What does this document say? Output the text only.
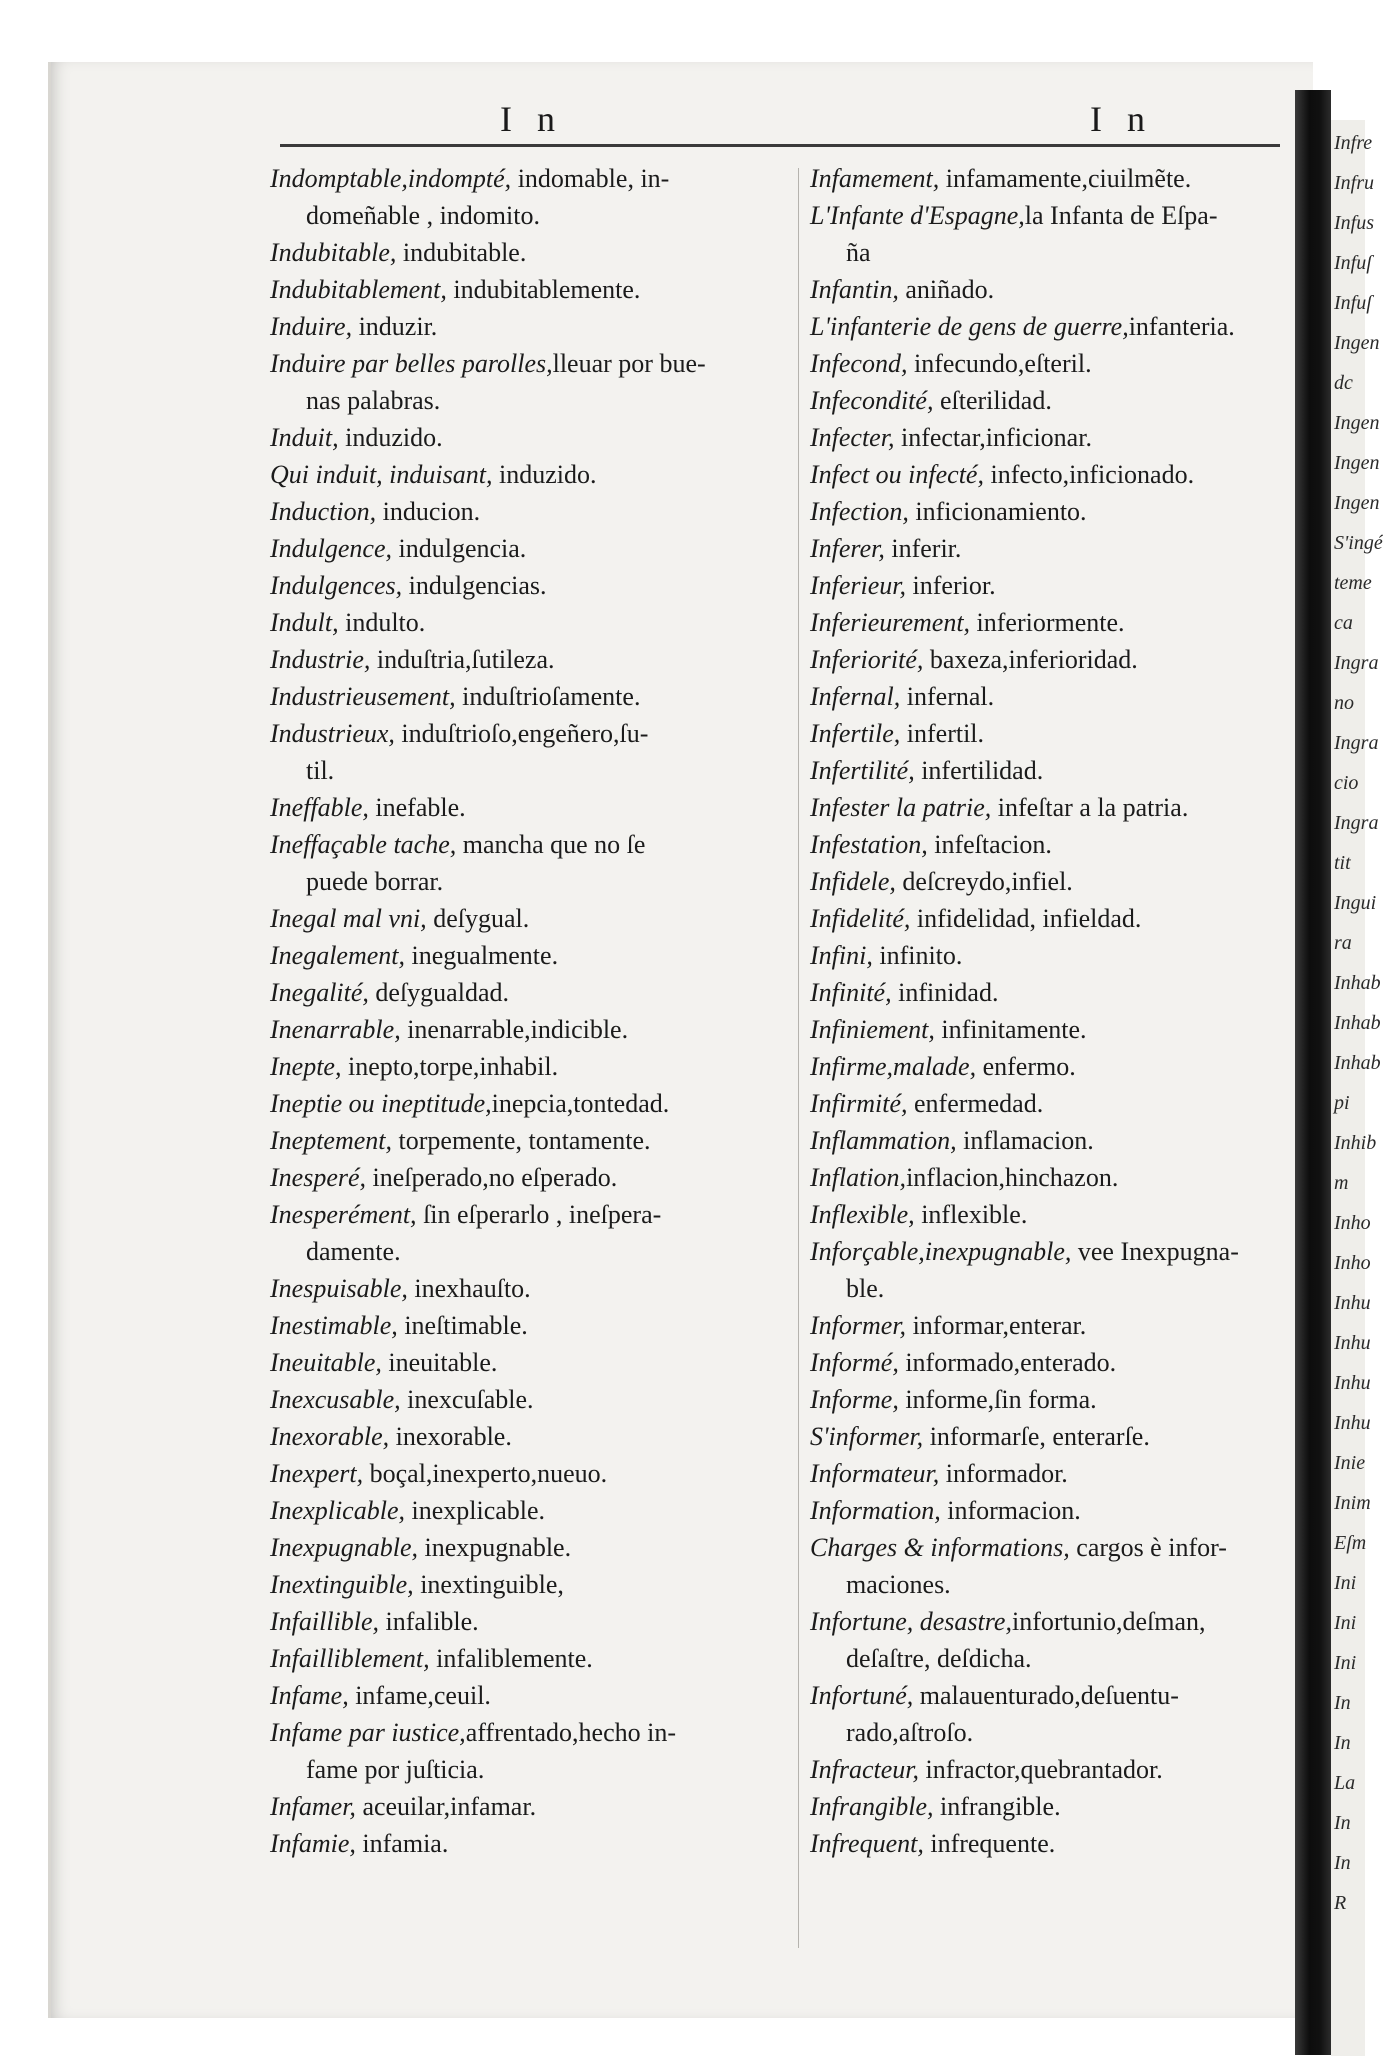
Infre
Infru
Infus
Infuſ
Infuſ
Ingen
dc
Ingen
Ingen
Ingen
S'ingé
teme
ca
Ingra
no
Ingra
cio
Ingra
tit
Ingui
ra
Inhab
Inhab
Inhab
pi
Inhib
m
Inho
Inho
Inhu
Inhu
Inhu
Inhu
Inie
Inim
Eſm
Ini
Ini
Ini
In
In
La
In
In
R
I n	I n
Indomptable,indompté, indomable, in-
domeñable , indomito.
Indubitable, indubitable.
Indubitablement, indubitablemente.
Induire, induzir.
Induire par belles parolles,lleuar por bue-
nas palabras.
Induit, induzido.
Qui induit, induisant, induzido.
Induction, inducion.
Indulgence, indulgencia.
Indulgences, indulgencias.
Indult, indulto.
Industrie, induſtria,ſutileza.
Industrieusement, induſtrioſamente.
Industrieux, induſtrioſo,engeñero,ſu-
til.
Ineffable, inefable.
Ineffaçable tache, mancha que no ſe
puede borrar.
Inegal mal vni, deſygual.
Inegalement, inegualmente.
Inegalité, deſygualdad.
Inenarrable, inenarrable,indicible.
Inepte, inepto,torpe,inhabil.
Ineptie ou ineptitude,inepcia,tontedad.
Ineptement, torpemente, tontamente.
Inesperé, ineſperado,no eſperado.
Inesperément, ſin eſperarlo , ineſpera-
damente.
Inespuisable, inexhauſto.
Inestimable, ineſtimable.
Ineuitable, ineuitable.
Inexcusable, inexcuſable.
Inexorable, inexorable.
Inexpert, boçal,inexperto,nueuo.
Inexplicable, inexplicable.
Inexpugnable, inexpugnable.
Inextinguible, inextinguible,
Infaillible, infalible.
Infailliblement, infaliblemente.
Infame, infame,ceuil.
Infame par iustice,affrentado,hecho in-
fame por juſticia.
Infamer, aceuilar,infamar.
Infamie, infamia.
Infamement, infamamente,ciuilmẽte.
L'Infante d'Espagne,la Infanta de Eſpa-
ña
Infantin, aniñado.
L'infanterie de gens de guerre,infanteria.
Infecond, infecundo,eſteril.
Infecondité, eſterilidad.
Infecter, infectar,inficionar.
Infect ou infecté, infecto,inficionado.
Infection, inficionamiento.
Inferer, inferir.
Inferieur, inferior.
Inferieurement, inferiormente.
Inferiorité, baxeza,inferioridad.
Infernal, infernal.
Infertile, infertil.
Infertilité, infertilidad.
Infester la patrie, infeſtar a la patria.
Infestation, infeſtacion.
Infidele, deſcreydo,infiel.
Infidelité, infidelidad, infieldad.
Infini, infinito.
Infinité, infinidad.
Infiniement, infinitamente.
Infirme,malade, enfermo.
Infirmité, enfermedad.
Inflammation, inflamacion.
Inflation,inflacion,hinchazon.
Inflexible, inflexible.
Inforçable,inexpugnable, vee Inexpugna-
ble.
Informer, informar,enterar.
Informé, informado,enterado.
Informe, informe,ſin forma.
S'informer, informarſe, enterarſe.
Informateur, informador.
Information, informacion.
Charges & informations, cargos è infor-
maciones.
Infortune, desastre,infortunio,deſman,
deſaſtre, deſdicha.
Infortuné, malauenturado,deſuentu-
rado,aſtroſo.
Infracteur, infractor,quebrantador.
Infrangible, infrangible.
Infrequent, infrequente.
